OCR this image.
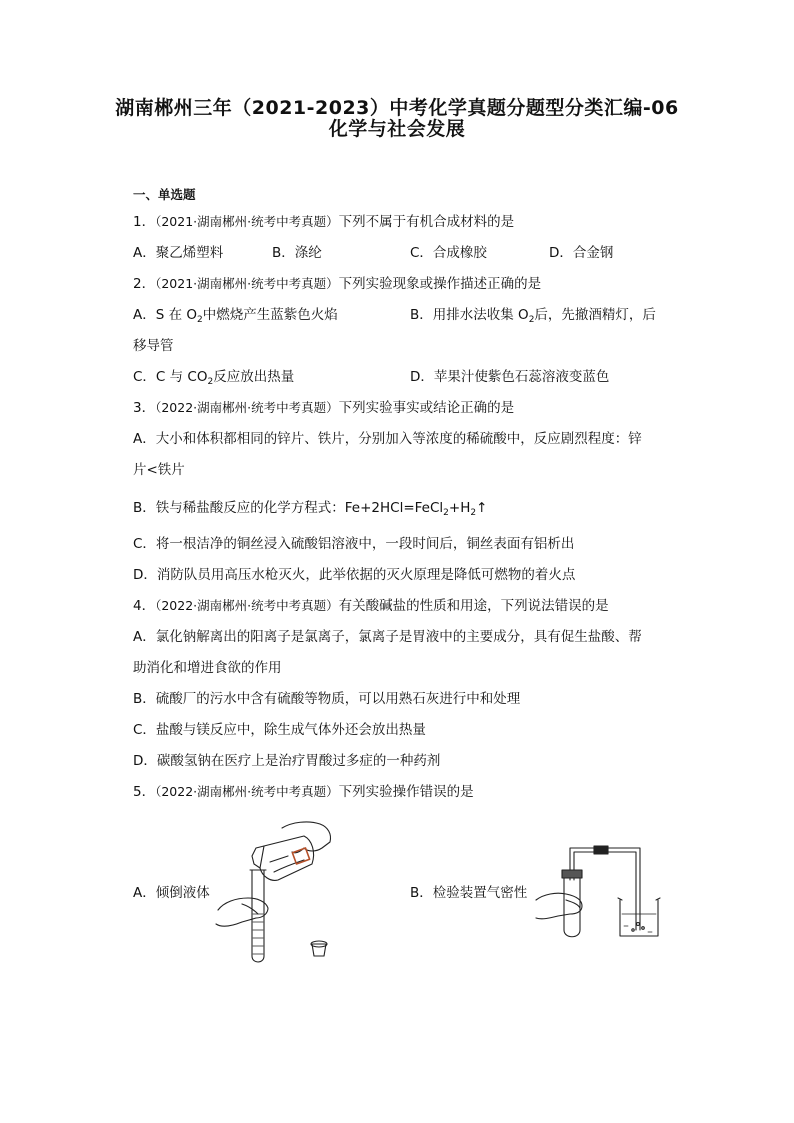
湖南郴州三年（2021-2023）中考化学真题分题型分类汇编-06
化学与社会发展
一、单选题
1．（2021·湖南郴州·统考中考真题）下列不属于有机合成材料的是
A．聚乙烯塑料	B．涤纶	C．合成橡胶	D．合金钢
2．（2021·湖南郴州·统考中考真题）下列实验现象或操作描述正确的是
A．S 在 $O_2$中燃烧产生蓝紫色火焰	B．用排水法收集 $O_2$后，先撤酒精灯，后
移导管
C．C 与 $CO_2$反应放出热量	D．苹果汁使紫色石蕊溶液变蓝色
3．（2022·湖南郴州·统考中考真题）下列实验事实或结论正确的是
A．大小和体积都相同的锌片、铁片，分别加入等浓度的稀硫酸中，反应剧烈程度：锌
片<铁片
B．铁与稀盐酸反应的化学方程式：$Fe+2HCl=FeCl_2+H_2↑$
C．将一根洁净的铜丝浸入硫酸铝溶液中，一段时间后，铜丝表面有铝析出
D．消防队员用高压水枪灭火，此举依据的灭火原理是降低可燃物的着火点
4．（2022·湖南郴州·统考中考真题）有关酸碱盐的性质和用途，下列说法错误的是
A．氯化钠解离出的阳离子是氯离子，氯离子是胃液中的主要成分，具有促生盐酸、帮
助消化和增进食欲的作用
B．硫酸厂的污水中含有硫酸等物质，可以用熟石灰进行中和处理
C．盐酸与镁反应中，除生成气体外还会放出热量
D．碳酸氢钠在医疗上是治疗胃酸过多症的一种药剂
5．（2022·湖南郴州·统考中考真题）下列实验操作错误的是
A．倾倒液体	B．检验装置气密性
